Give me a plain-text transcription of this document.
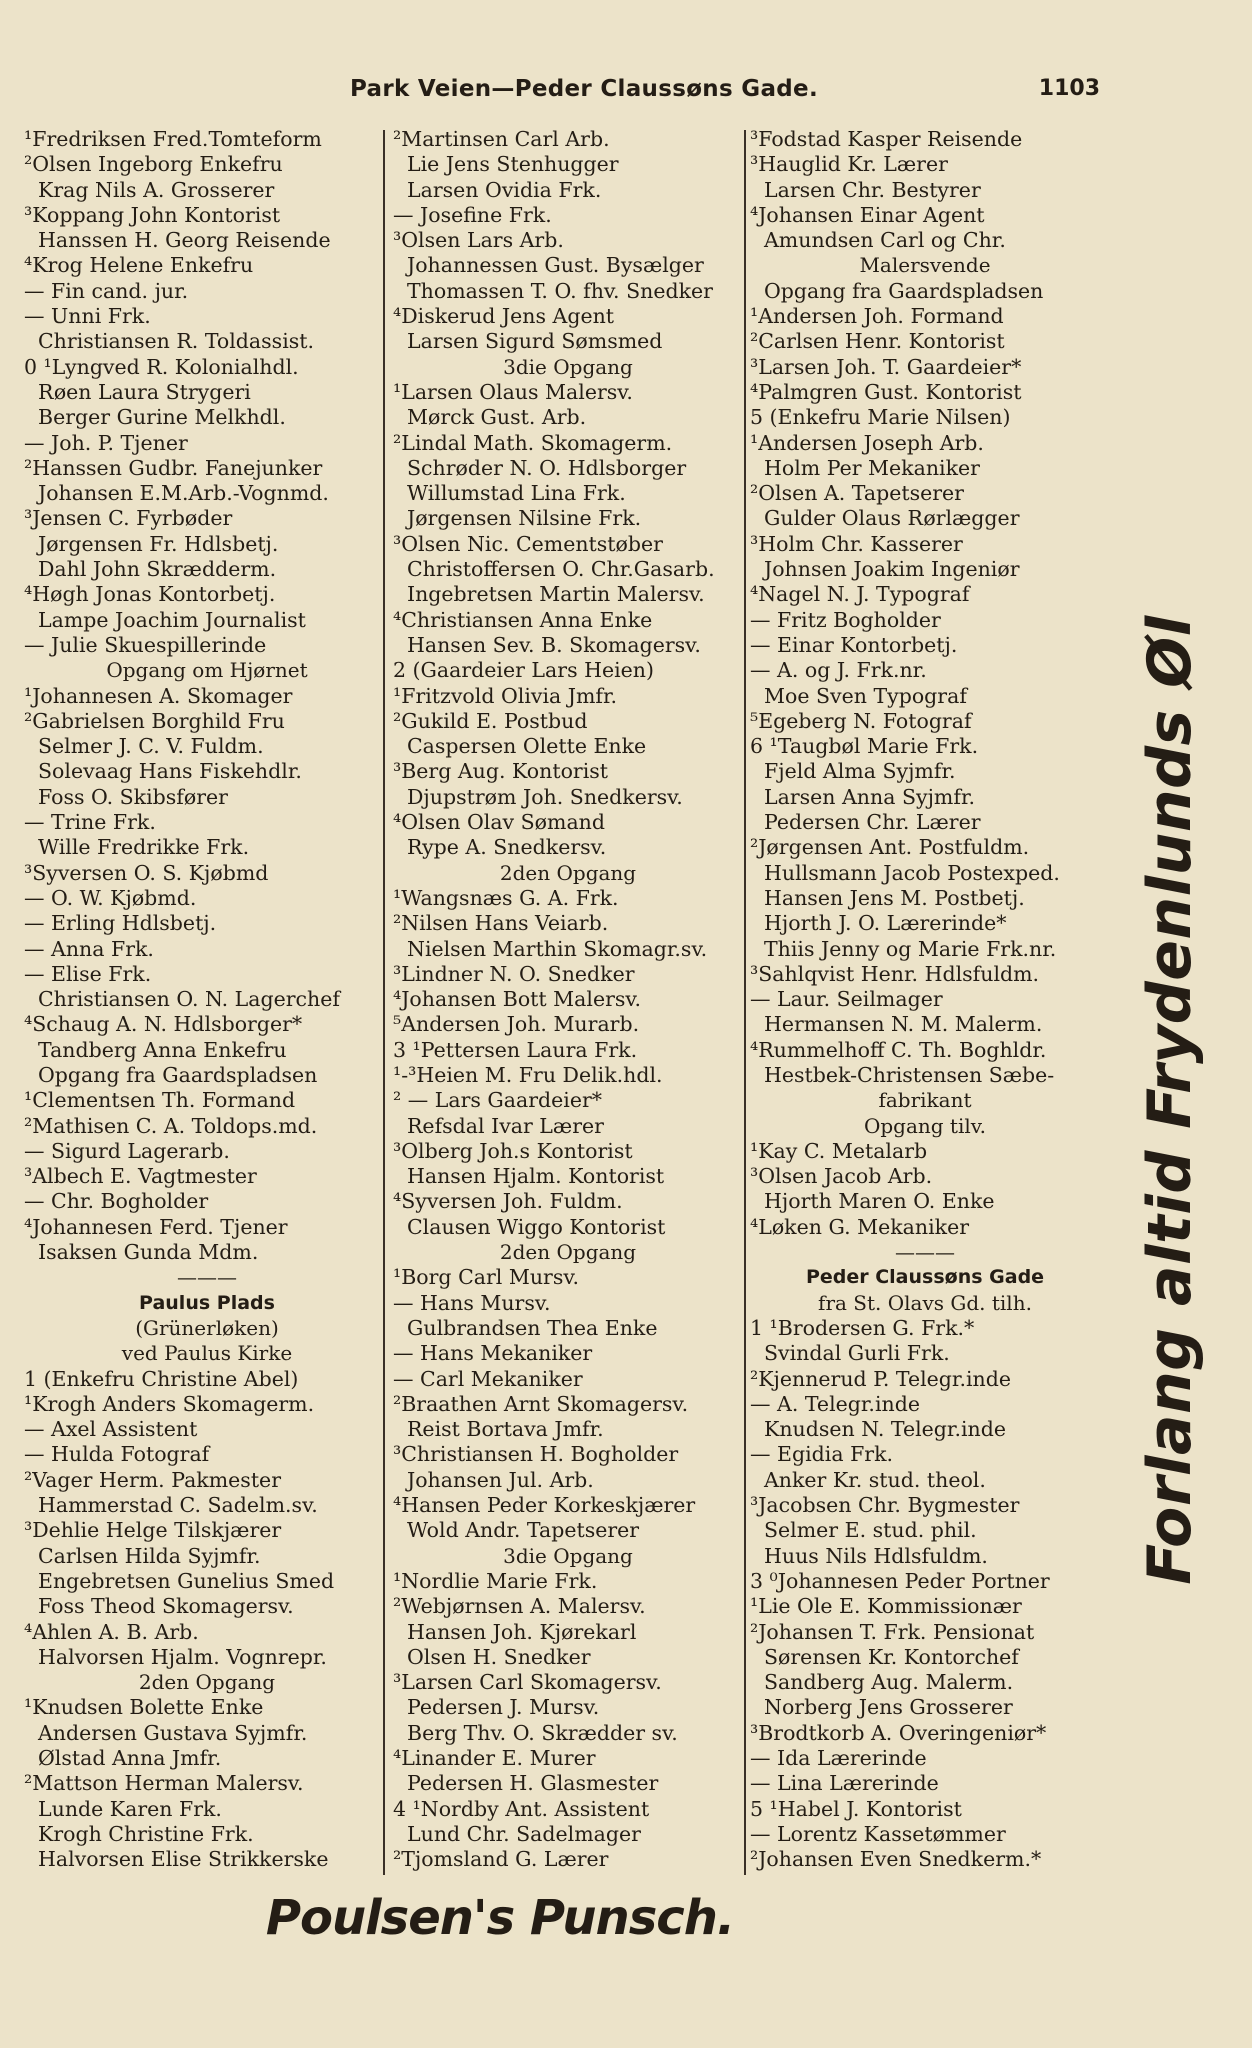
Park Veien—Peder Claussøns Gade.	1103
¹Fredriksen Fred.Tomteform
²Olsen Ingeborg Enkefru
Krag Nils A. Grosserer
³Koppang John Kontorist
Hanssen H. Georg Reisende
⁴Krog Helene Enkefru
— Fin cand. jur.
— Unni Frk.
Christiansen R. Toldassist.
0 ¹Lyngved R. Kolonialhdl.
Røen Laura Strygeri
Berger Gurine Melkhdl.
— Joh. P. Tjener
²Hanssen Gudbr. Fanejunker
Johansen E.M.Arb.-Vognmd.
³Jensen C. Fyrbøder
Jørgensen Fr. Hdlsbetj.
Dahl John Skrædderm.
⁴Høgh Jonas Kontorbetj.
Lampe Joachim Journalist
— Julie Skuespillerinde
Opgang om Hjørnet
¹Johannesen A. Skomager
²Gabrielsen Borghild Fru
Selmer J. C. V. Fuldm.
Solevaag Hans Fiskehdlr.
Foss O. Skibsfører
— Trine Frk.
Wille Fredrikke Frk.
³Syversen O. S. Kjøbmd
— O. W. Kjøbmd.
— Erling Hdlsbetj.
— Anna Frk.
— Elise Frk.
Christiansen O. N. Lagerchef
⁴Schaug A. N. Hdlsborger*
Tandberg Anna Enkefru
Opgang fra Gaardspladsen
¹Clementsen Th. Formand
²Mathisen C. A. Toldops.md.
— Sigurd Lagerarb.
³Albech E. Vagtmester
— Chr. Bogholder
⁴Johannesen Ferd. Tjener
Isaksen Gunda Mdm.
———
Paulus Plads
(Grünerløken)
ved Paulus Kirke
1 (Enkefru Christine Abel)
¹Krogh Anders Skomagerm.
— Axel Assistent
— Hulda Fotograf
²Vager Herm. Pakmester
Hammerstad C. Sadelm.sv.
³Dehlie Helge Tilskjærer
Carlsen Hilda Syjmfr.
Engebretsen Gunelius Smed
Foss Theod Skomagersv.
⁴Ahlen A. B. Arb.
Halvorsen Hjalm. Vognrepr.
2den Opgang
¹Knudsen Bolette Enke
Andersen Gustava Syjmfr.
Ølstad Anna Jmfr.
²Mattson Herman Malersv.
Lunde Karen Frk.
Krogh Christine Frk.
Halvorsen Elise Strikkerske
²Martinsen Carl Arb.
Lie Jens Stenhugger
Larsen Ovidia Frk.
— Josefine Frk.
³Olsen Lars Arb.
Johannessen Gust. Bysælger
Thomassen T. O. fhv. Snedker
⁴Diskerud Jens Agent
Larsen Sigurd Sømsmed
3die Opgang
¹Larsen Olaus Malersv.
Mørck Gust. Arb.
²Lindal Math. Skomagerm.
Schrøder N. O. Hdlsborger
Willumstad Lina Frk.
Jørgensen Nilsine Frk.
³Olsen Nic. Cementstøber
Christoffersen O. Chr.Gasarb.
Ingebretsen Martin Malersv.
⁴Christiansen Anna Enke
Hansen Sev. B. Skomagersv.
2 (Gaardeier Lars Heien)
¹Fritzvold Olivia Jmfr.
²Gukild E. Postbud
Caspersen Olette Enke
³Berg Aug. Kontorist
Djupstrøm Joh. Snedkersv.
⁴Olsen Olav Sømand
Rype A. Snedkersv.
2den Opgang
¹Wangsnæs G. A. Frk.
²Nilsen Hans Veiarb.
Nielsen Marthin Skomagr.sv.
³Lindner N. O. Snedker
⁴Johansen Bott Malersv.
⁵Andersen Joh. Murarb.
3 ¹Pettersen Laura Frk.
¹-³Heien M. Fru Delik.hdl.
² — Lars Gaardeier*
Refsdal Ivar Lærer
³Olberg Joh.s Kontorist
Hansen Hjalm. Kontorist
⁴Syversen Joh. Fuldm.
Clausen Wiggo Kontorist
2den Opgang
¹Borg Carl Mursv.
— Hans Mursv.
Gulbrandsen Thea Enke
— Hans Mekaniker
— Carl Mekaniker
²Braathen Arnt Skomagersv.
Reist Bortava Jmfr.
³Christiansen H. Bogholder
Johansen Jul. Arb.
⁴Hansen Peder Korkeskjærer
Wold Andr. Tapetserer
3die Opgang
¹Nordlie Marie Frk.
²Webjørnsen A. Malersv.
Hansen Joh. Kjørekarl
Olsen H. Snedker
³Larsen Carl Skomagersv.
Pedersen J. Mursv.
Berg Thv. O. Skrædder sv.
⁴Linander E. Murer
Pedersen H. Glasmester
4 ¹Nordby Ant. Assistent
Lund Chr. Sadelmager
²Tjomsland G. Lærer
³Fodstad Kasper Reisende
³Hauglid Kr. Lærer
Larsen Chr. Bestyrer
⁴Johansen Einar Agent
Amundsen Carl og Chr.
Malersvende
Opgang fra Gaardspladsen
¹Andersen Joh. Formand
²Carlsen Henr. Kontorist
³Larsen Joh. T. Gaardeier*
⁴Palmgren Gust. Kontorist
5 (Enkefru Marie Nilsen)
¹Andersen Joseph Arb.
Holm Per Mekaniker
²Olsen A. Tapetserer
Gulder Olaus Rørlægger
³Holm Chr. Kasserer
Johnsen Joakim Ingeniør
⁴Nagel N. J. Typograf
— Fritz Bogholder
— Einar Kontorbetj.
— A. og J. Frk.nr.
Moe Sven Typograf
⁵Egeberg N. Fotograf
6 ¹Taugbøl Marie Frk.
Fjeld Alma Syjmfr.
Larsen Anna Syjmfr.
Pedersen Chr. Lærer
²Jørgensen Ant. Postfuldm.
Hullsmann Jacob Postexped.
Hansen Jens M. Postbetj.
Hjorth J. O. Lærerinde*
Thiis Jenny og Marie Frk.nr.
³Sahlqvist Henr. Hdlsfuldm.
— Laur. Seilmager
Hermansen N. M. Malerm.
⁴Rummelhoff C. Th. Boghldr.
Hestbek-Christensen Sæbe-
fabrikant
Opgang tilv.
¹Kay C. Metalarb
³Olsen Jacob Arb.
Hjorth Maren O. Enke
⁴Løken G. Mekaniker
———
Peder Claussøns Gade
fra St. Olavs Gd. tilh.
1 ¹Brodersen G. Frk.*
Svindal Gurli Frk.
²Kjennerud P. Telegr.inde
— A. Telegr.inde
Knudsen N. Telegr.inde
— Egidia Frk.
Anker Kr. stud. theol.
³Jacobsen Chr. Bygmester
Selmer E. stud. phil.
Huus Nils Hdlsfuldm.
3 ⁰Johannesen Peder Portner
¹Lie Ole E. Kommissionær
²Johansen T. Frk. Pensionat
Sørensen Kr. Kontorchef
Sandberg Aug. Malerm.
Norberg Jens Grosserer
³Brodtkorb A. Overingeniør*
— Ida Lærerinde
— Lina Lærerinde
5 ¹Habel J. Kontorist
— Lorentz Kassetømmer
²Johansen Even Snedkerm.*
Poulsen's Punsch.
Forlang altid Frydenlunds Øl
